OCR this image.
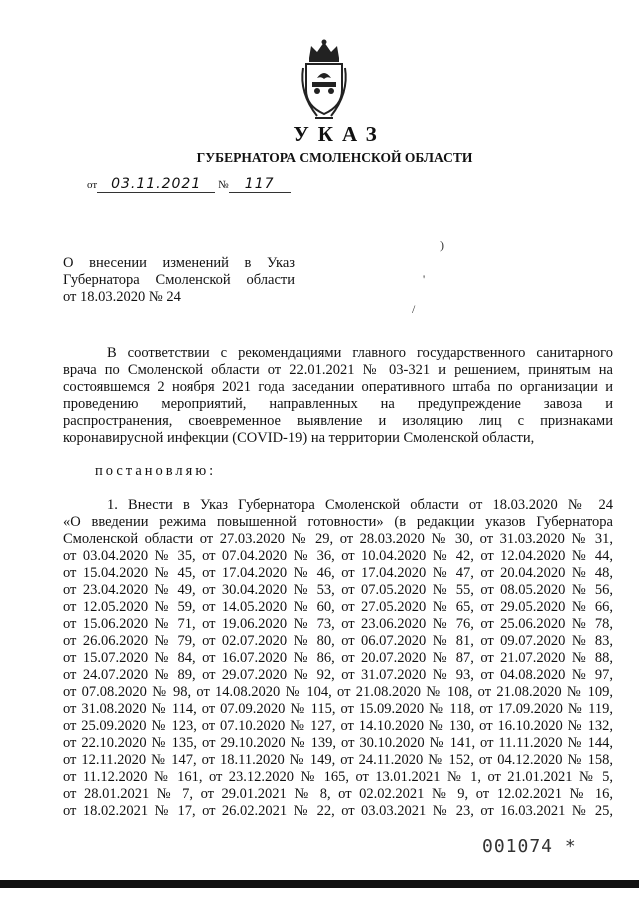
УКАЗ
ГУБЕРНАТОРА СМОЛЕНСКОЙ ОБЛАСТИ
от 03.11.2021 № 117
)
'
/
О внесении изменений в Указ
Губернатора Смоленской области
от 18.03.2020 № 24
В соответствии с рекомендациями главного государственного санитарного
врача по Смоленской области от 22.01.2021 № 03-321 и решением, принятым на
состоявшемся 2 ноября 2021 года заседании оперативного штаба по организации и
проведению мероприятий, направленных на предупреждение завоза и
распространения, своевременное выявление и изоляцию лиц с признаками
коронавирусной инфекции (COVID-19) на территории Смоленской области,
постановляю:
1. Внести в Указ Губернатора Смоленской области от 18.03.2020 № 24
«О введении режима повышенной готовности» (в редакции указов Губернатора
Смоленской области от 27.03.2020 № 29, от 28.03.2020 № 30, от 31.03.2020 № 31,
от 03.04.2020 № 35, от 07.04.2020 № 36, от 10.04.2020 № 42, от 12.04.2020 № 44,
от 15.04.2020 № 45, от 17.04.2020 № 46, от 17.04.2020 № 47, от 20.04.2020 № 48,
от 23.04.2020 № 49, от 30.04.2020 № 53, от 07.05.2020 № 55, от 08.05.2020 № 56,
от 12.05.2020 № 59, от 14.05.2020 № 60, от 27.05.2020 № 65, от 29.05.2020 № 66,
от 15.06.2020 № 71, от 19.06.2020 № 73, от 23.06.2020 № 76, от 25.06.2020 № 78,
от 26.06.2020 № 79, от 02.07.2020 № 80, от 06.07.2020 № 81, от 09.07.2020 № 83,
от 15.07.2020 № 84, от 16.07.2020 № 86, от 20.07.2020 № 87, от 21.07.2020 № 88,
от 24.07.2020 № 89, от 29.07.2020 № 92, от 31.07.2020 № 93, от 04.08.2020 № 97,
от 07.08.2020 № 98, от 14.08.2020 № 104, от 21.08.2020 № 108, от 21.08.2020 № 109,
от 31.08.2020 № 114, от 07.09.2020 № 115, от 15.09.2020 № 118, от 17.09.2020 № 119,
от 25.09.2020 № 123, от 07.10.2020 № 127, от 14.10.2020 № 130, от 16.10.2020 № 132,
от 22.10.2020 № 135, от 29.10.2020 № 139, от 30.10.2020 № 141, от 11.11.2020 № 144,
от 12.11.2020 № 147, от 18.11.2020 № 149, от 24.11.2020 № 152, от 04.12.2020 № 158,
от 11.12.2020 № 161, от 23.12.2020 № 165, от 13.01.2021 № 1, от 21.01.2021 № 5,
от 28.01.2021 № 7, от 29.01.2021 № 8, от 02.02.2021 № 9, от 12.02.2021 № 16,
от 18.02.2021 № 17, от 26.02.2021 № 22, от 03.03.2021 № 23, от 16.03.2021 № 25,
001074 *
